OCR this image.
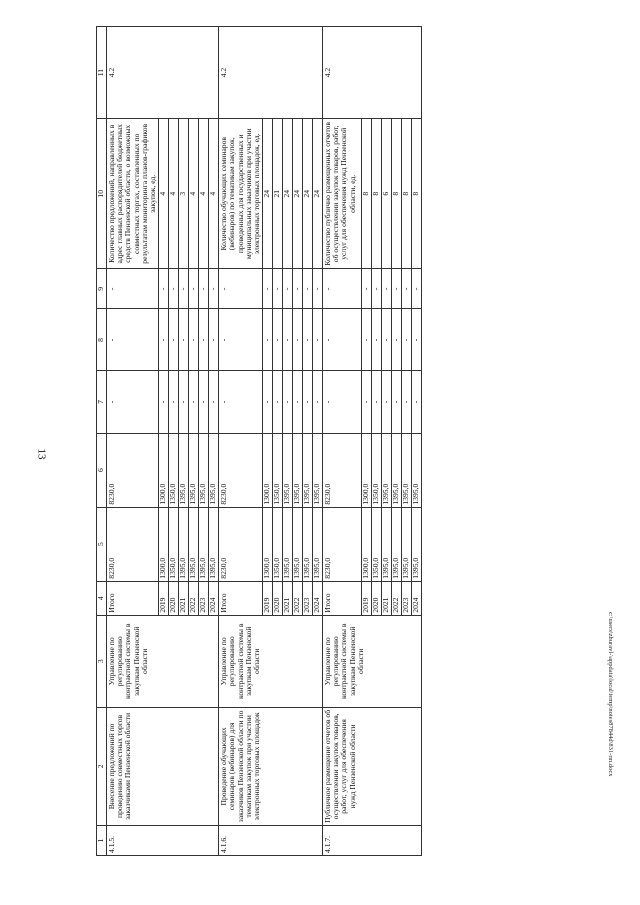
13
1	2	3	4	5	6	7	8	9	10	11
4.1.5.	Внесение предложений по проведению совместных торгов заказчиками Пензенской области	Управление по регулированию контрактной системы в закупкам Пензенской области	Итого	8230,0	8230,0	-	-	-	Количество предложений, направленных в адрес главных распорядителей бюджетных средств Пензенской области, о возможных совместных торгах, составленных по результатам мониторинга планов-графиков закупок, ед.	4.2
			2019	1300,0	1300,0	-	-	-	4	
			2020	1350,0	1350,0	-	-	-	4	
			2021	1395,0	1395,0	-	-	-	3	
			2022	1395,0	1395,0	-	-	-	4	
			2023	1395,0	1395,0	-	-	-	4	
			2024	1395,0	1395,0	-	-	-	4	
4.1.6.	Проведение обучающих семинаров (вебинаров) для заказчиков Пензенской области по тематикам закупок при участии электронных торговых площадок	Управление по регулированию контрактной системы в закупкам Пензенской области	Итого	8230,0	8230,0	-	-	-	Количество обучающих семинаров (вебинаров) по тематикам закупок, проведенных для государственных и муниципальных заказчиков при участии электронных торговых площадок, ед.	4.2
			2019	1300,0	1300,0	-	-	-	24	
			2020	1350,0	1350,0	-	-	-	21	
			2021	1395,0	1395,0	-	-	-	24	
			2022	1395,0	1395,0	-	-	-	24	
			2023	1395,0	1395,0	-	-	-	24	
			2024	1395,0	1395,0	-	-	-	24	
4.1.7.	Публичное размещение отчетов об осуществлении закупок товаров, работ, услуг для обеспечения нужд Пензенской области	Управление по регулированию контрактной системы в закупкам Пензенской области	Итого	8230,0	8230,0	-	-	-	Количество публично размещенных отчетов об осуществлении закупок товаров, работ, услуг для обеспечения нужд Пензенской области, ед.	4.2
			2019	1300,0	1300,0	-	-	-	8	
			2020	1350,0	1350,0	-	-	-	8	
			2021	1395,0	1395,0	-	-	-	6	
			2022	1395,0	1395,0	-	-	-	8	
			2023	1395,0	1395,0	-	-	-	8	
			2024	1395,0	1395,0	-	-	-	8	
c:\users\zhuravl-\appdata\local\temp\notes87844d\831-пп.docx
